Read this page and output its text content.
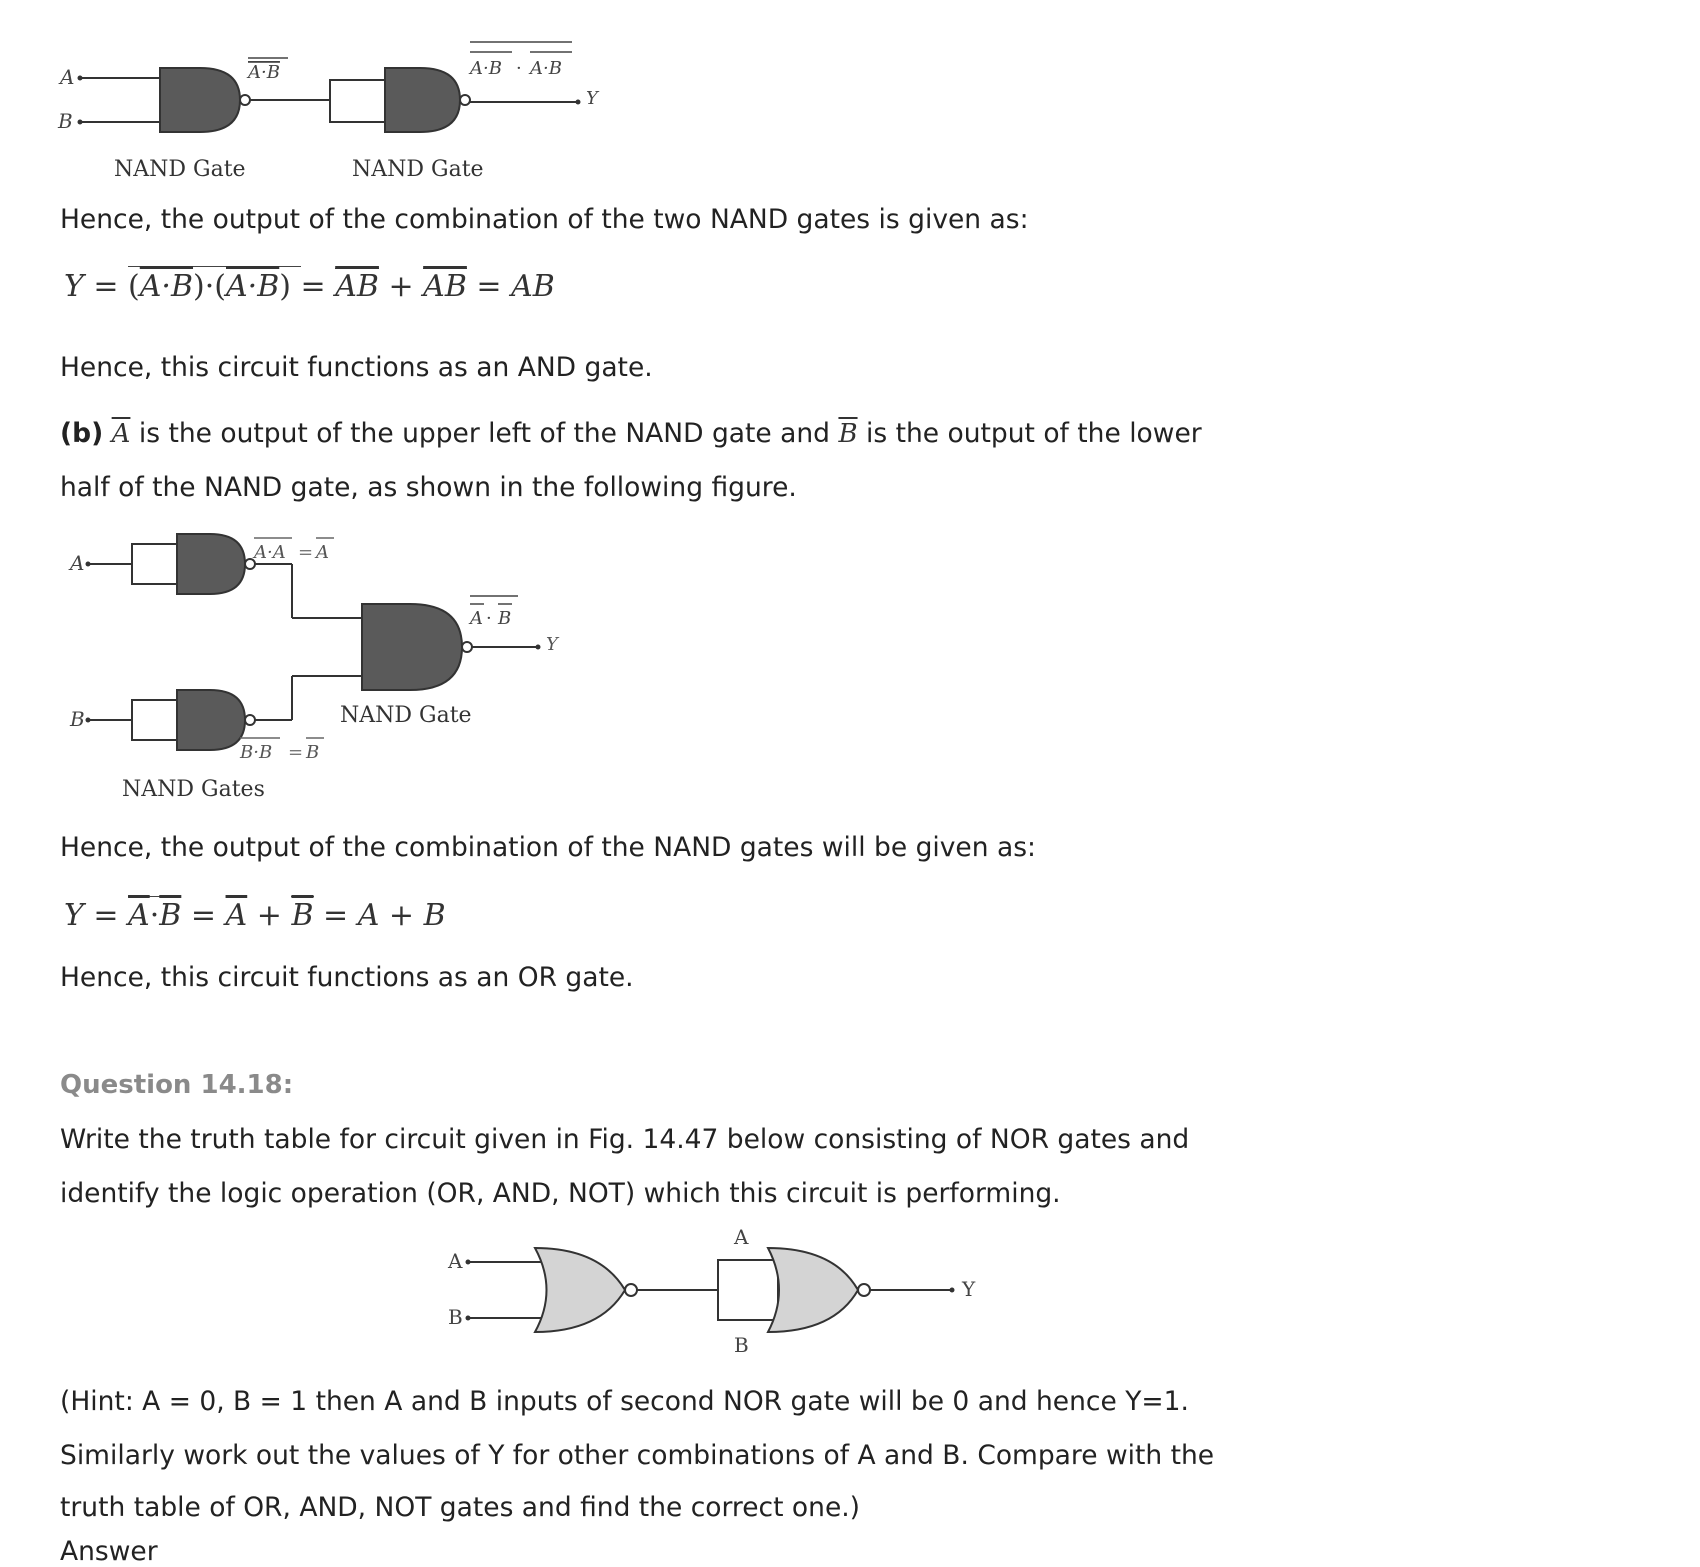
A
B
A·B
Y
A·B · A·B
NAND Gate	NAND Gate
Hence, the output of the combination of the two NAND gates is given as:
$Y = (A\cdot B)\cdot(A\cdot B) = \overline{AB} + \overline{AB}$ = AB
Hence, this circuit functions as an AND gate.
(b) $\overline{A}$ is the output of the upper left of the NAND gate and $\overline{B}$ is the output of the lower
half of the NAND gate, as shown in the following figure.
A	A·A = A
B
B·B = B
Y
A · B
NAND Gate
NAND Gates
Hence, the output of the combination of the NAND gates will be given as:
$Y = \overline{A}\cdot\overline{B} = \overline{A} + \overline{B} = A + B$
Hence, this circuit functions as an OR gate.
Question 14.18:
Write the truth table for circuit given in Fig. 14.47 below consisting of NOR gates and
identify the logic operation (OR, AND, NOT) which this circuit is performing.
A
B
A
B
Y
(Hint: A = 0, B = 1 then A and B inputs of second NOR gate will be 0 and hence Y=1.
Similarly work out the values of Y for other combinations of A and B. Compare with the
truth table of OR, AND, NOT gates and find the correct one.)
Answer
